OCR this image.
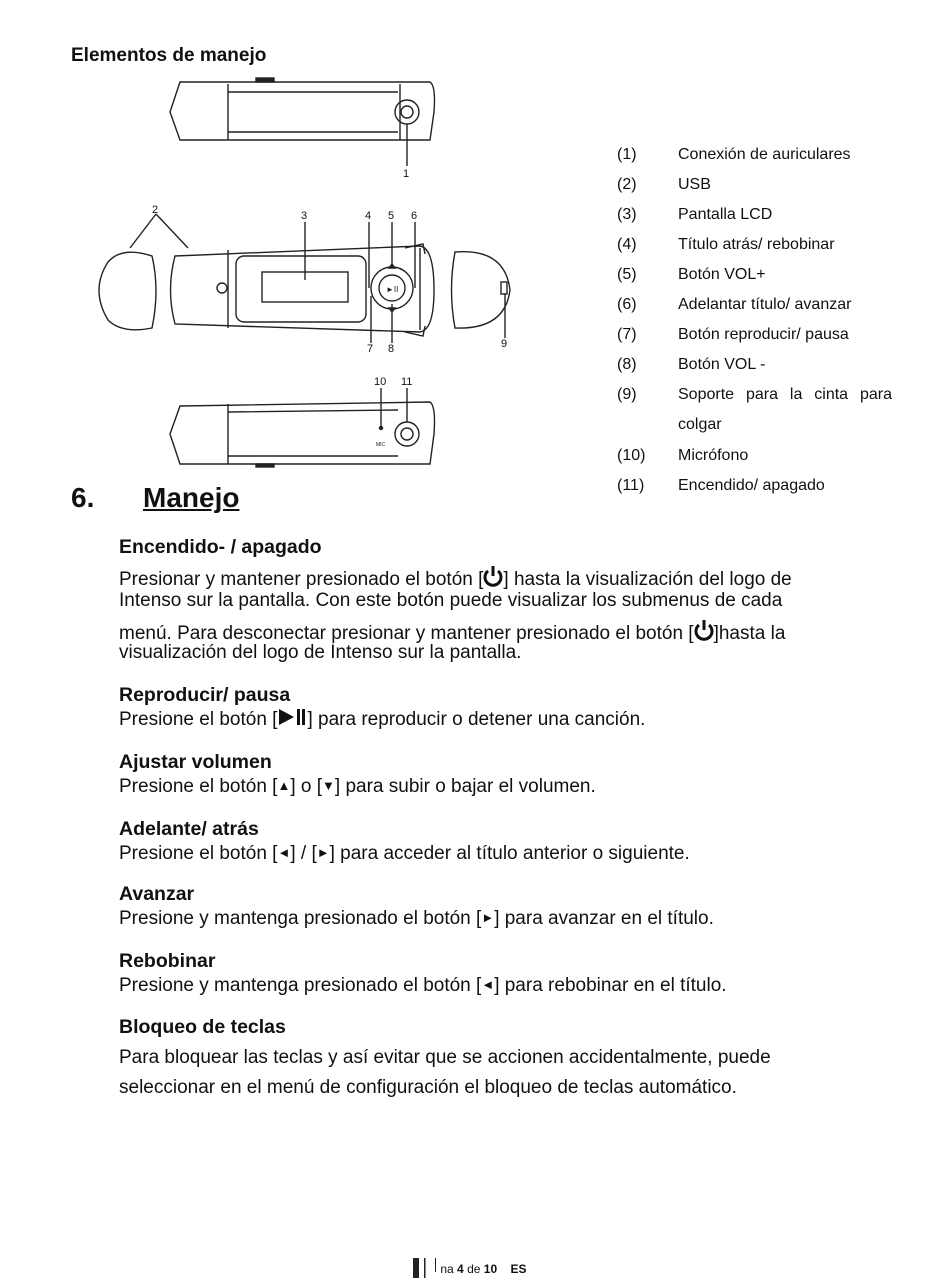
Elementos de manejo
►II
1
2	3	4 5 6
7 8	9
10 11
MIC
(1)	Conexión de auriculares
(2)	USB
(3)	Pantalla LCD
(4)	Título atrás/ rebobinar
(5)	Botón VOL+
(6)	Adelantar título/ avanzar
(7)	Botón reproducir/ pausa
(8)	Botón VOL -
(9)	Soporte para la cinta para
colgar
(10)	Micrófono
(11)	Encendido/ apagado
6. Manejo
Encendido- / apagado
Presionar y mantener presionado el botón [ ] hasta la visualización del logo de
Intenso sur la pantalla. Con este botón puede visualizar los submenus de cada
menú. Para desconectar presionar y mantener presionado el botón [ ]hasta la
visualización del logo de Intenso sur la pantalla.
Reproducir/ pausa
Presione el botón [ ] para reproducir o detener una canción.
Ajustar volumen
Presione el botón [▲] o [▼] para subir o bajar el volumen.
Adelante/ atrás
Presione el botón [◄] / [►] para acceder al título anterior o siguiente.
Avanzar
Presione y mantenga presionado el botón [►] para avanzar en el título.
Rebobinar
Presione y mantenga presionado el botón [◄] para rebobinar en el título.
Bloqueo de teclas
Para bloquear las teclas y así evitar que se accionen accidentalmente, puede
seleccionar en el menú de configuración el bloqueo de teclas automático.
na 4 de 10 ES
